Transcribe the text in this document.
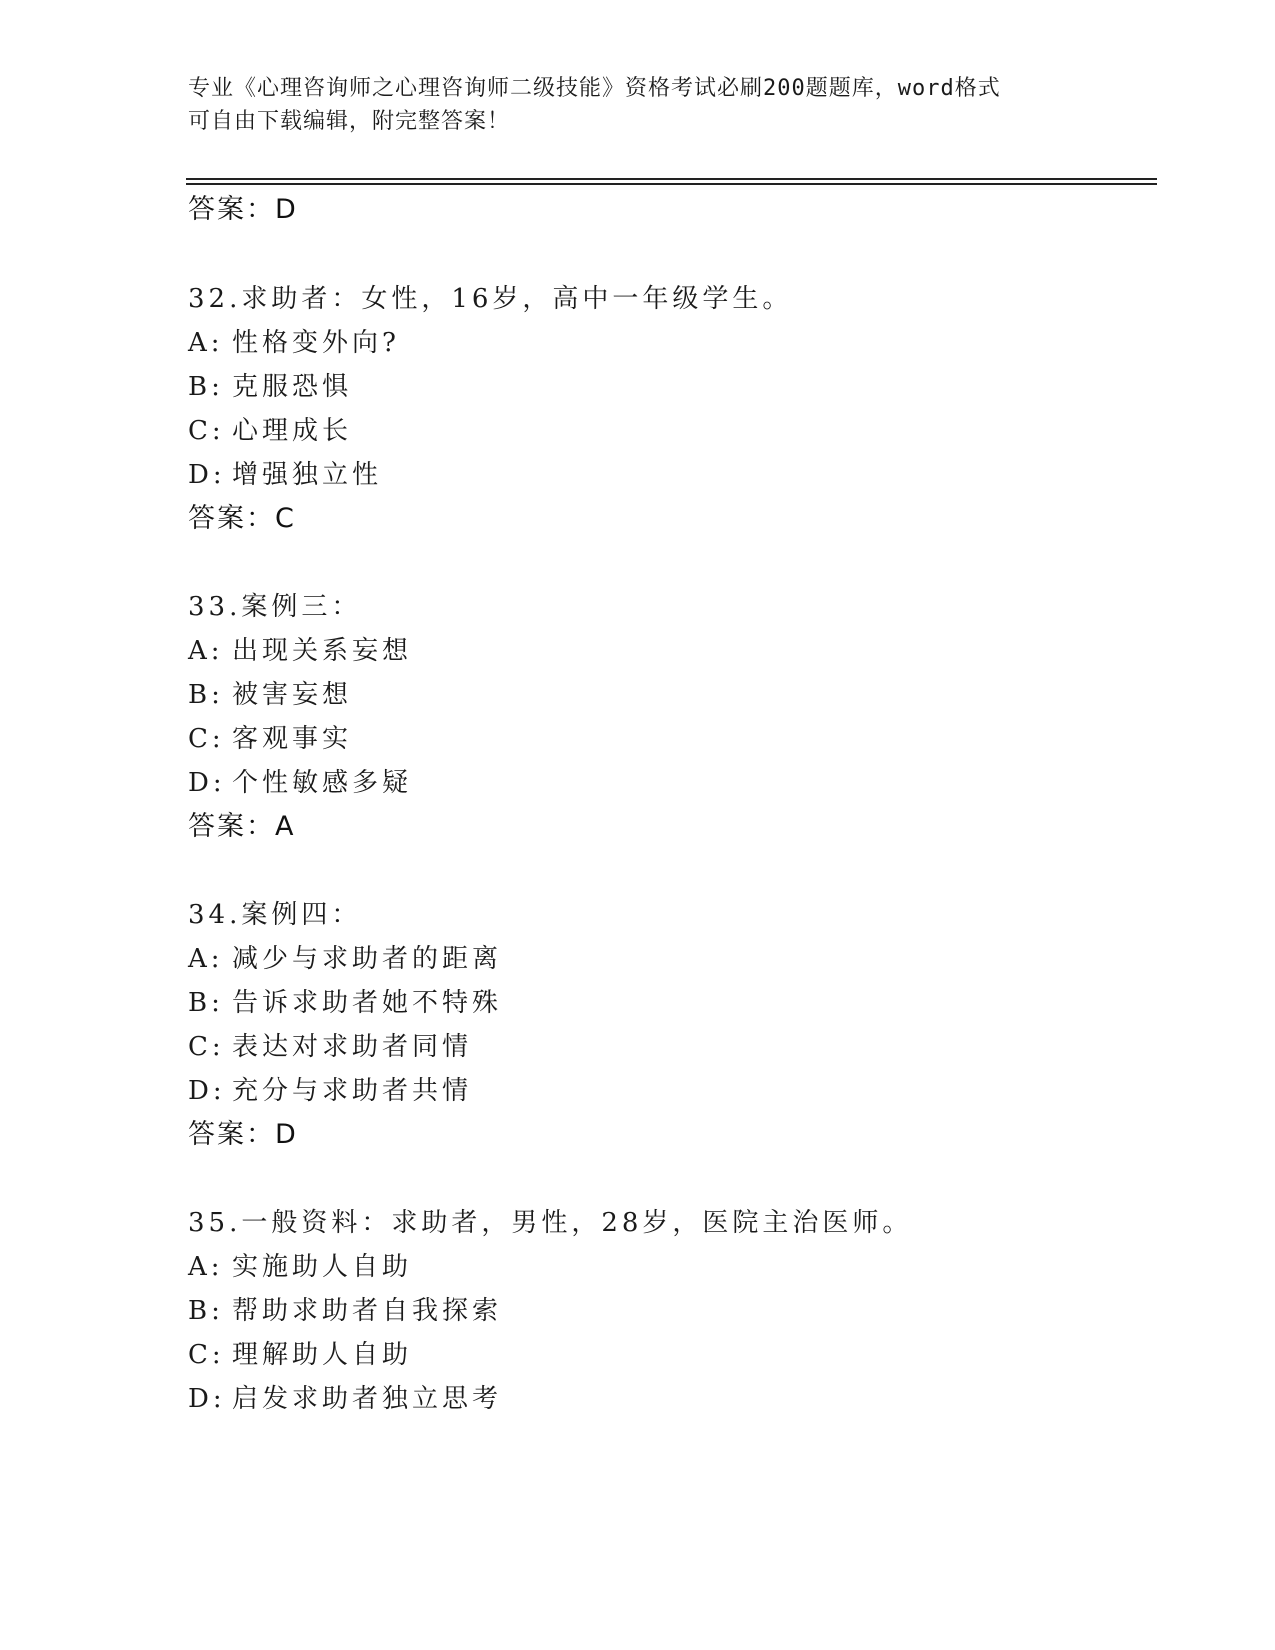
专业《心理咨询师之心理咨询师二级技能》资格考试必刷200题题库，word格式
可自由下载编辑，附完整答案！
答案：D
32.求助者：女性，16岁，高中一年级学生。
A: 性格变外向?
B: 克服恐惧
C: 心理成长
D: 增强独立性
答案：C
33.案例三：
A: 出现关系妄想
B: 被害妄想
C: 客观事实
D: 个性敏感多疑
答案：A
34.案例四：
A: 减少与求助者的距离
B: 告诉求助者她不特殊
C: 表达对求助者同情
D: 充分与求助者共情
答案：D
35.一般资料：求助者，男性，28岁，医院主治医师。
A: 实施助人自助
B: 帮助求助者自我探索
C: 理解助人自助
D: 启发求助者独立思考
